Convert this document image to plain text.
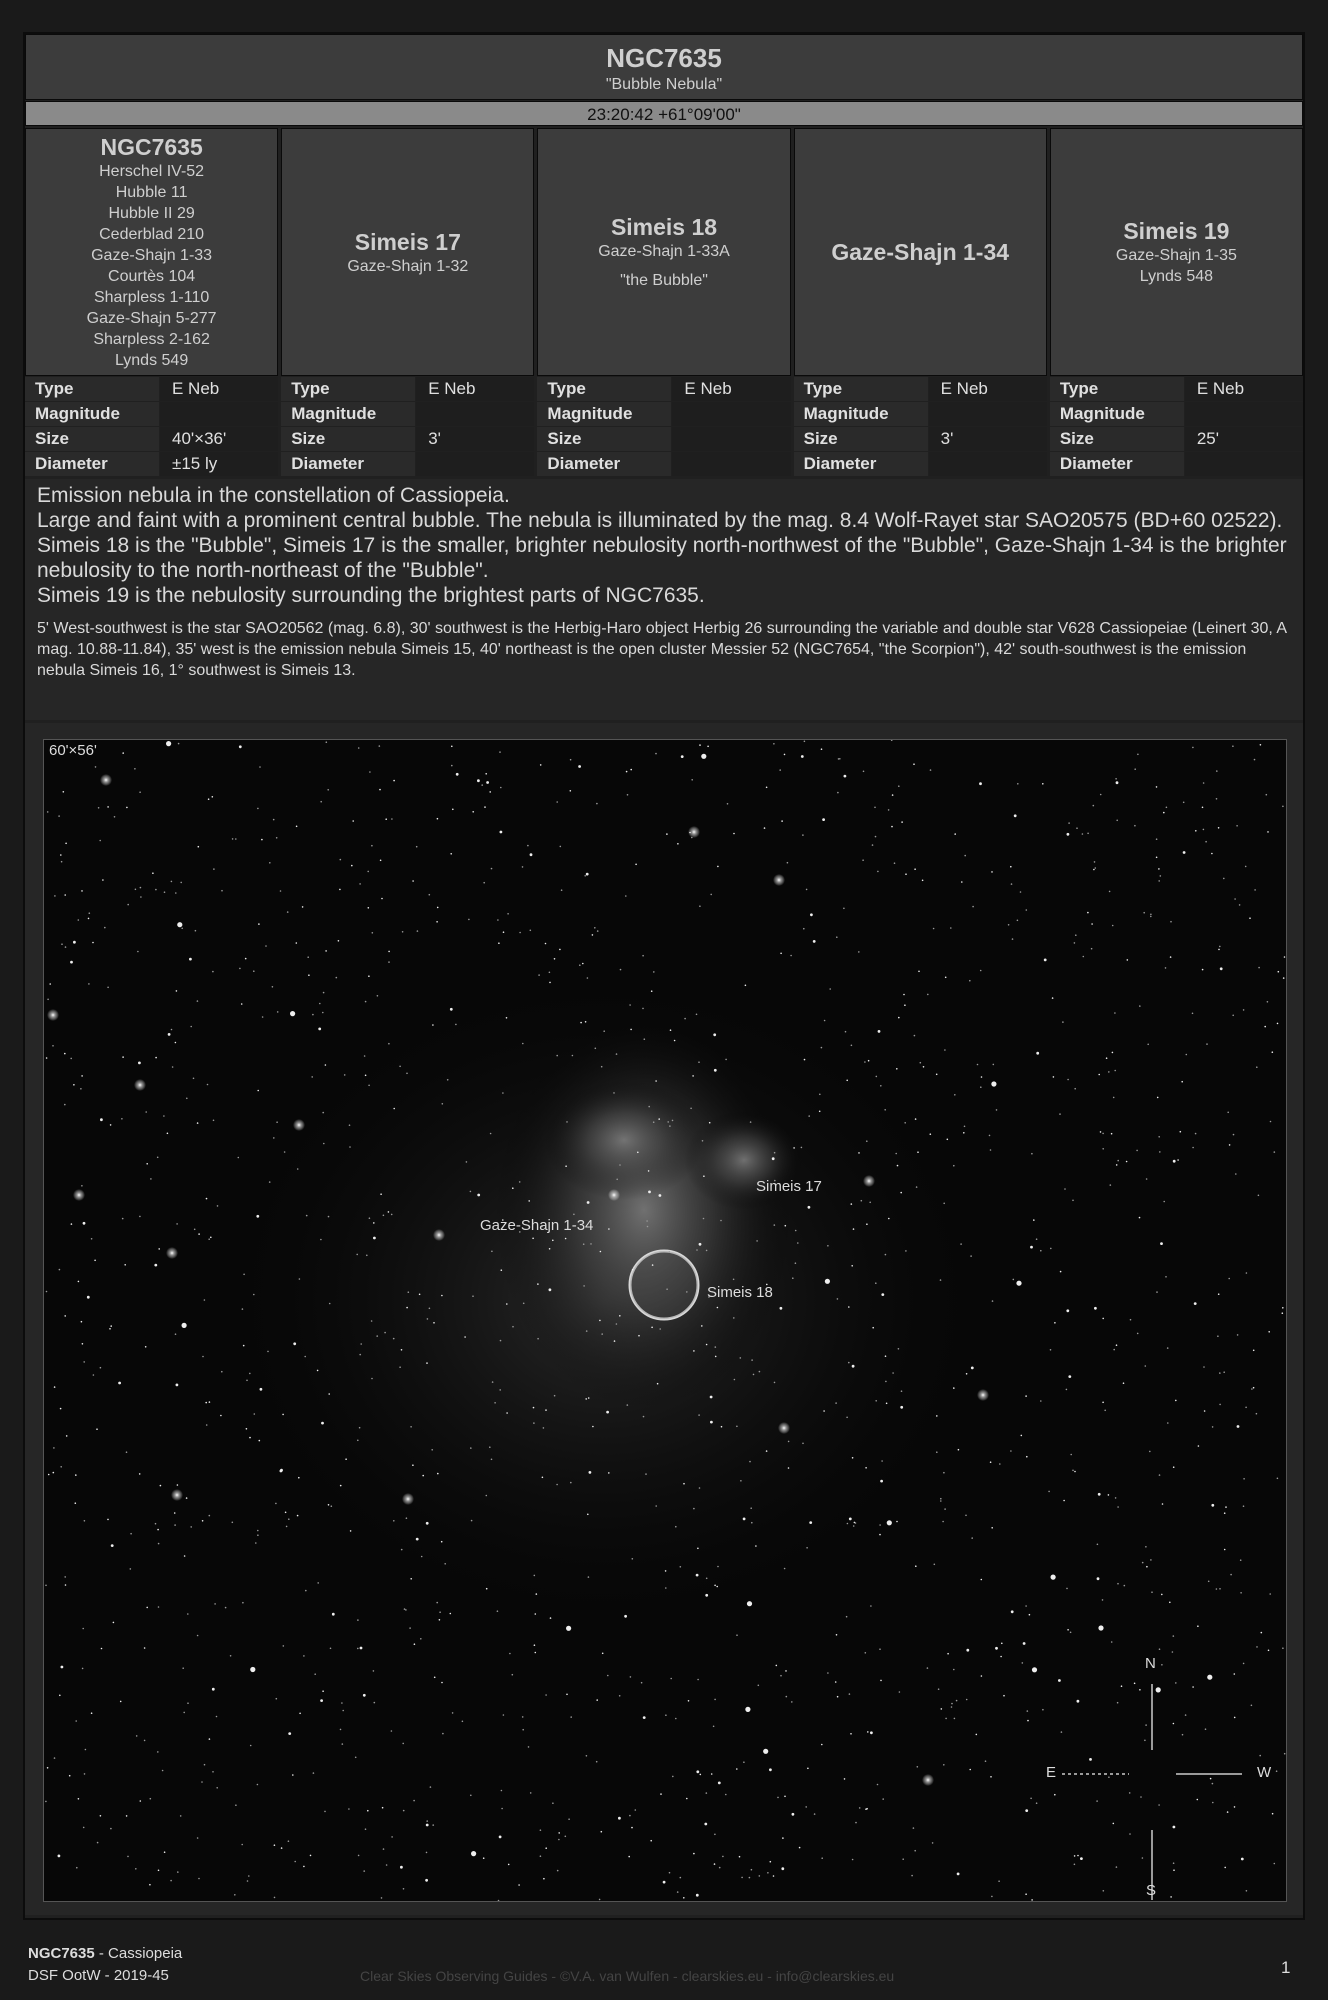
NGC7635
"Bubble Nebula"
23:20:42 +61°09'00"
NGC7635
Herschel IV-52
Hubble 11
Hubble II 29
Cederblad 210
Gaze-Shajn 1-33
Courtès 104
Sharpless 1-110
Gaze-Shajn 5-277
Sharpless 2-162
Lynds 549
Simeis 17
Gaze-Shajn 1-32
Simeis 18
Gaze-Shajn 1-33A
"the Bubble"
Gaze-Shajn 1-34
Simeis 19
Gaze-Shajn 1-35
Lynds 548
Type	E Neb
Magnitude
Size	40'×36'
Diameter	±15 ly
Type	E Neb
Magnitude
Size	3'
Diameter
Type	E Neb
Magnitude
Size
Diameter
Type	E Neb
Magnitude
Size	3'
Diameter
Type	E Neb
Magnitude
Size	25'
Diameter

Emission nebula in the constellation of Cassiopeia.

Large and faint with a prominent central bubble. The nebula is illuminated by the mag. 8.4 Wolf-Rayet star SAO20575 (BD+60 02522).

Simeis 18 is the "Bubble", Simeis 17 is the smaller, brighter nebulosity north-northwest of the "Bubble", Gaze-Shajn 1-34 is the brighter nebulosity to the north-northeast of the "Bubble".

Simeis 19 is the nebulosity surrounding the brightest parts of NGC7635.

5' West-southwest is the star SAO20562 (mag. 6.8), 30' southwest is the Herbig-Haro object Herbig 26 surrounding the variable and double star V628 Cassiopeiae (Leinert 30, A mag. 10.88-11.84), 35' west is the emission nebula Simeis 15, 40' northeast is the open cluster Messier 52 (NGC7654, "the Scorpion"), 42' south-southwest is the emission nebula Simeis 16, 1° southwest is Simeis 13.

60'×56'
Simeis 17
Gaze-Shajn 1-34
Simeis 18
N
E	W
S
NGC7635 - Cassiopeia
DSF OotW - 2019-45	Clear Skies Observing Guides - ©V.A. van Wulfen - clearskies.eu - info@clearskies.eu	1
